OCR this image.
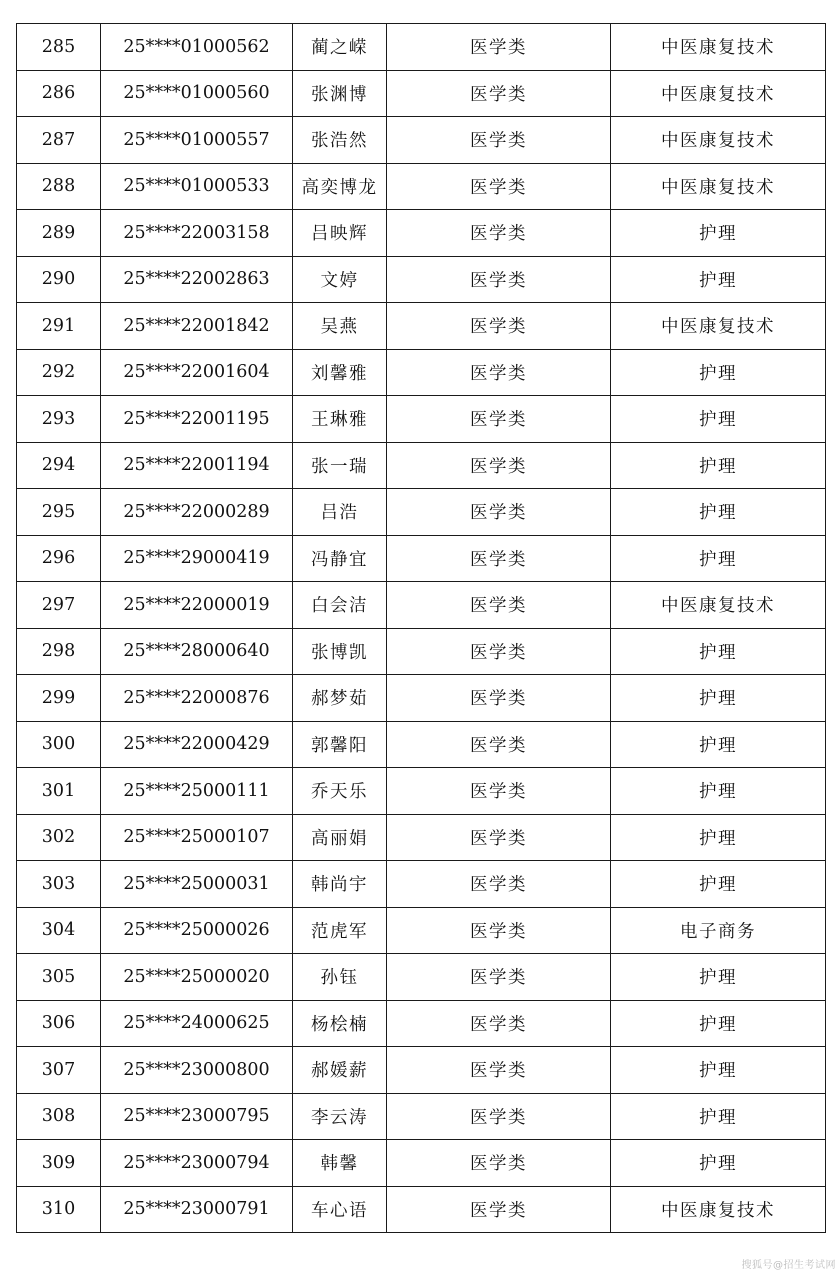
285	25****01000562	蔺之嵘	医学类	中医康复技术
286	25****01000560	张渊博	医学类	中医康复技术
287	25****01000557	张浩然	医学类	中医康复技术
288	25****01000533	高奕博龙	医学类	中医康复技术
289	25****22003158	吕映辉	医学类	护理
290	25****22002863	文婷	医学类	护理
291	25****22001842	吴燕	医学类	中医康复技术
292	25****22001604	刘馨雅	医学类	护理
293	25****22001195	王琳雅	医学类	护理
294	25****22001194	张一瑞	医学类	护理
295	25****22000289	吕浩	医学类	护理
296	25****29000419	冯静宜	医学类	护理
297	25****22000019	白会洁	医学类	中医康复技术
298	25****28000640	张博凯	医学类	护理
299	25****22000876	郝梦茹	医学类	护理
300	25****22000429	郭馨阳	医学类	护理
301	25****25000111	乔天乐	医学类	护理
302	25****25000107	高丽娟	医学类	护理
303	25****25000031	韩尚宇	医学类	护理
304	25****25000026	范虎军	医学类	电子商务
305	25****25000020	孙钰	医学类	护理
306	25****24000625	杨桧楠	医学类	护理
307	25****23000800	郝媛薪	医学类	护理
308	25****23000795	李云涛	医学类	护理
309	25****23000794	韩馨	医学类	护理
310	25****23000791	车心语	医学类	中医康复技术
搜狐号@招生考试网
